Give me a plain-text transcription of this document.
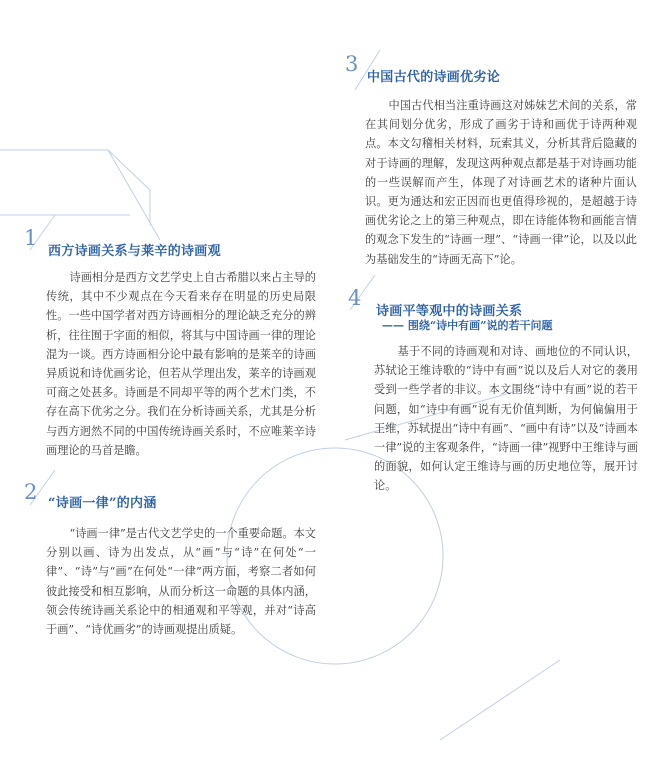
1
西方诗画关系与莱辛的诗画观

诗画相分是西方文艺学史上自古希腊以来占主导的传统，其中不少观点在今天看来存在明显的历史局限性。一些中国学者对西方诗画相分的理论缺乏充分的辨析，往往囿于字面的相似，将其与中国诗画一律的理论混为一谈。西方诗画相分论中最有影响的是莱辛的诗画异质说和诗优画劣论，但若从学理出发，莱辛的诗画观可商之处甚多。诗画是不同却平等的两个艺术门类，不存在高下优劣之分。我们在分析诗画关系，尤其是分析与西方迥然不同的中国传统诗画关系时，不应唯莱辛诗画理论的马首是瞻。

2 “诗画一律”的内涵

“诗画一律”是古代文艺学史的一个重要命题。本文分别以画、诗为出发点，从“画”与“诗”在何处“一律”、“诗”与“画”在何处“一律”两方面，考察二者如何彼此接受和相互影响，从而分析这一命题的具体内涵，领会传统诗画关系论中的相通观和平等观，并对“诗高于画”、“诗优画劣”的诗画观提出质疑。

3
中国古代的诗画优劣论

中国古代相当注重诗画这对姊妹艺术间的关系，常在其间划分优劣，形成了画劣于诗和画优于诗两种观点。本文勾稽相关材料，玩索其义，分析其背后隐藏的对于诗画的理解，发现这两种观点都是基于对诗画功能的一些误解而产生，体现了对诗画艺术的诸种片面认识。更为通达和宏正因而也更值得珍视的，是超越于诗画优劣论之上的第三种观点，即在诗能体物和画能言情的观念下发生的“诗画一理”、“诗画一律”论，以及以此为基础发生的“诗画无高下”论。

4
诗画平等观中的诗画关系
—— 围绕“诗中有画”说的若干问题

基于不同的诗画观和对诗、画地位的不同认识，苏轼论王维诗歌的“诗中有画”说以及后人对它的袭用受到一些学者的非议。本文围绕“诗中有画”说的若干问题，如“诗中有画”说有无价值判断，为何偏偏用于王维，苏轼提出“诗中有画”、“画中有诗”以及“诗画本一律”说的主客观条件，“诗画一律”视野中王维诗与画的面貌，如何认定王维诗与画的历史地位等，展开讨论。
